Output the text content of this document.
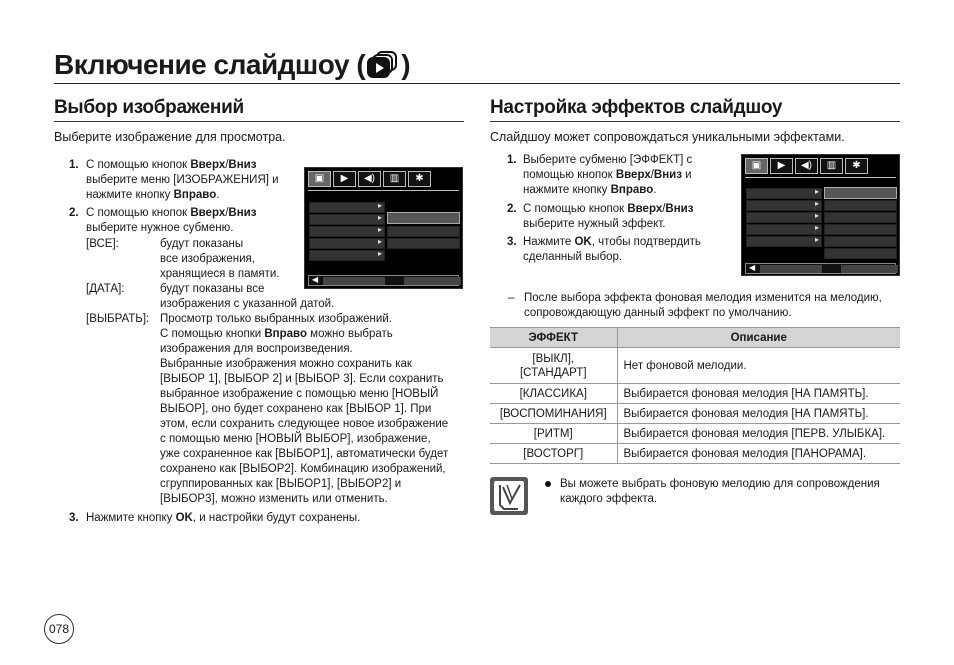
Включение слайдшоу ( )
Выбор изображений
Выберите изображение для просмотра.
1. С помощью кнопок Вверх/Вниз
выберите меню [ИЗОБРАЖЕНИЯ] и
нажмите кнопку Вправо.
2. С помощью кнопок Вверх/Вниз
выберите нужное субменю.
[ВСЕ]:	будут показаны
все изображения,
хранящиеся в памяти.
[ДАТА]:	будут показаны все
изображения с указанной датой.
[ВЫБРАТЬ]: Просмотр только выбранных изображений.
С помощью кнопки Вправо можно выбрать
изображения для воспроизведения.
Выбранные изображения можно сохранить как
[ВЫБОР 1], [ВЫБОР 2] и [ВЫБОР 3]. Если сохранить
выбранное изображение с помощью меню [НОВЫЙ
ВЫБОР], оно будет сохранено как [ВЫБОР 1]. При
этом, если сохранить следующее новое изображение
с помощью меню [НОВЫЙ ВЫБОР], изображение,
уже сохраненное как [ВЫБОР1], автоматически будет
сохранено как [ВЫБОР2]. Комбинацию изображений,
сгруппированных как [ВЫБОР1], [ВЫБОР2] и
[ВЫБОР3], можно изменить или отменить.
3. Нажмите кнопку OK, и настройки будут сохранены.
▣	▶	◀)	▥	✱
▸
▸
▸
▸
▸
◀
Настройка эффектов слайдшоу
Слайдшоу может сопровождаться уникальными эффектами.
1. Выберите субменю [ЭФФЕКТ] с
помощью кнопок Вверх/Вниз и
нажмите кнопку Вправо.
2. С помощью кнопок Вверх/Вниз
выберите нужный эффект.
3. Нажмите OK, чтобы подтвердить
сделанный выбор.
▣	▶	◀)	▥	✱
▸
▸
▸
▸
▸
◀
– После выбора эффекта фоновая мелодия изменится на мелодию,
сопровождающую данный эффект по умолчанию.
ЭФФЕКТ	Описание
[ВЫКЛ],
[СТАНДАРТ]	Нет фоновой мелодии.
[КЛАССИКА]	Выбирается фоновая мелодия [НА ПАМЯТЬ].
[ВОСПОМИНАНИЯ]	Выбирается фоновая мелодия [НА ПАМЯТЬ].
[РИТМ]	Выбирается фоновая мелодия [ПЕРВ. УЛЫБКА].
[ВОСТОРГ]	Выбирается фоновая мелодия [ПАНОРАМА].
Вы можете выбрать фоновую мелодию для сопровождения
каждого эффекта.
078
